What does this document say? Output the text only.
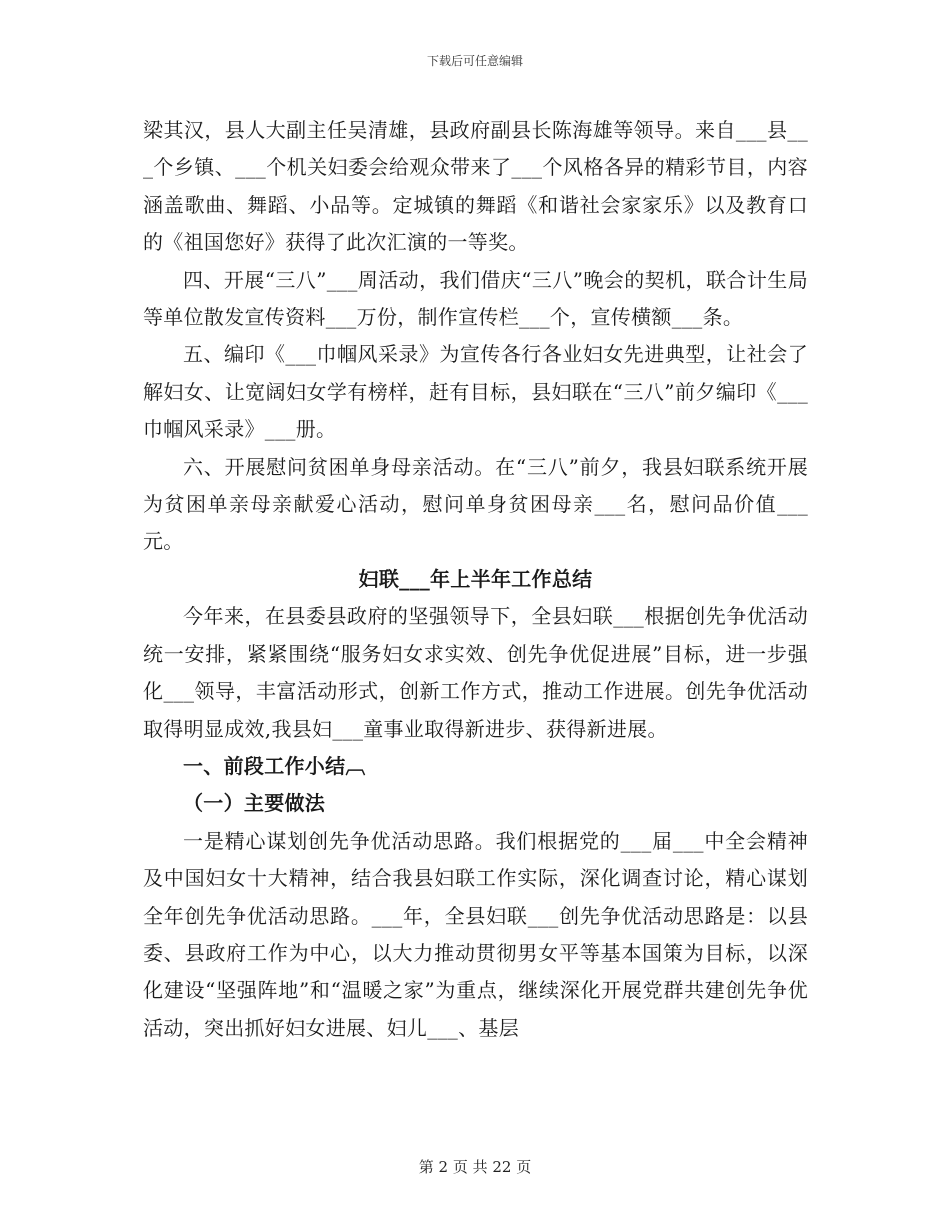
下载后可任意编辑

梁其汉，县人大副主任吴清雄，县政府副县长陈海雄等领导。来自___县___个乡镇、___个机关妇委会给观众带来了___个风格各异的精彩节目，内容涵盖歌曲、舞蹈、小品等。定城镇的舞蹈《和谐社会家家乐》以及教育口的《祖国您好》获得了此次汇演的一等奖。

四、开展“三八”___周活动，我们借庆“三八”晚会的契机，联合计生局等单位散发宣传资料___万份，制作宣传栏___个，宣传横额___条。

五、编印《___巾帼风采录》为宣传各行各业妇女先进典型，让社会了解妇女、让宽阔妇女学有榜样，赶有目标，县妇联在“三八”前夕编印《___巾帼风采录》___册。

六、开展慰问贫困单身母亲活动。在“三八”前夕，我县妇联系统开展为贫困单亲母亲献爱心活动，慰问单身贫困母亲___名，慰问品价值___元。

妇联___年上半年工作总结

今年来，在县委县政府的坚强领导下，全县妇联___根据创先争优活动统一安排，紧紧围绕“服务妇女求实效、创先争优促进展”目标，进一步强化___领导，丰富活动形式，创新工作方式，推动工作进展。创先争优活动取得明显成效,我县妇___童事业取得新进步、获得新进展。

一、前段工作小结︹

（一）主要做法

一是精心谋划创先争优活动思路。我们根据党的___届___中全会精神及中国妇女十大精神，结合我县妇联工作实际，深化调查讨论，精心谋划全年创先争优活动思路。___年，全县妇联___创先争优活动思路是：以县委、县政府工作为中心，以大力推动贯彻男女平等基本国策为目标，以深化建设“坚强阵地”和“温暖之家”为重点，继续深化开展党群共建创先争优活动，突出抓好妇女进展、妇儿___、基层

第 2 页 共 22 页
